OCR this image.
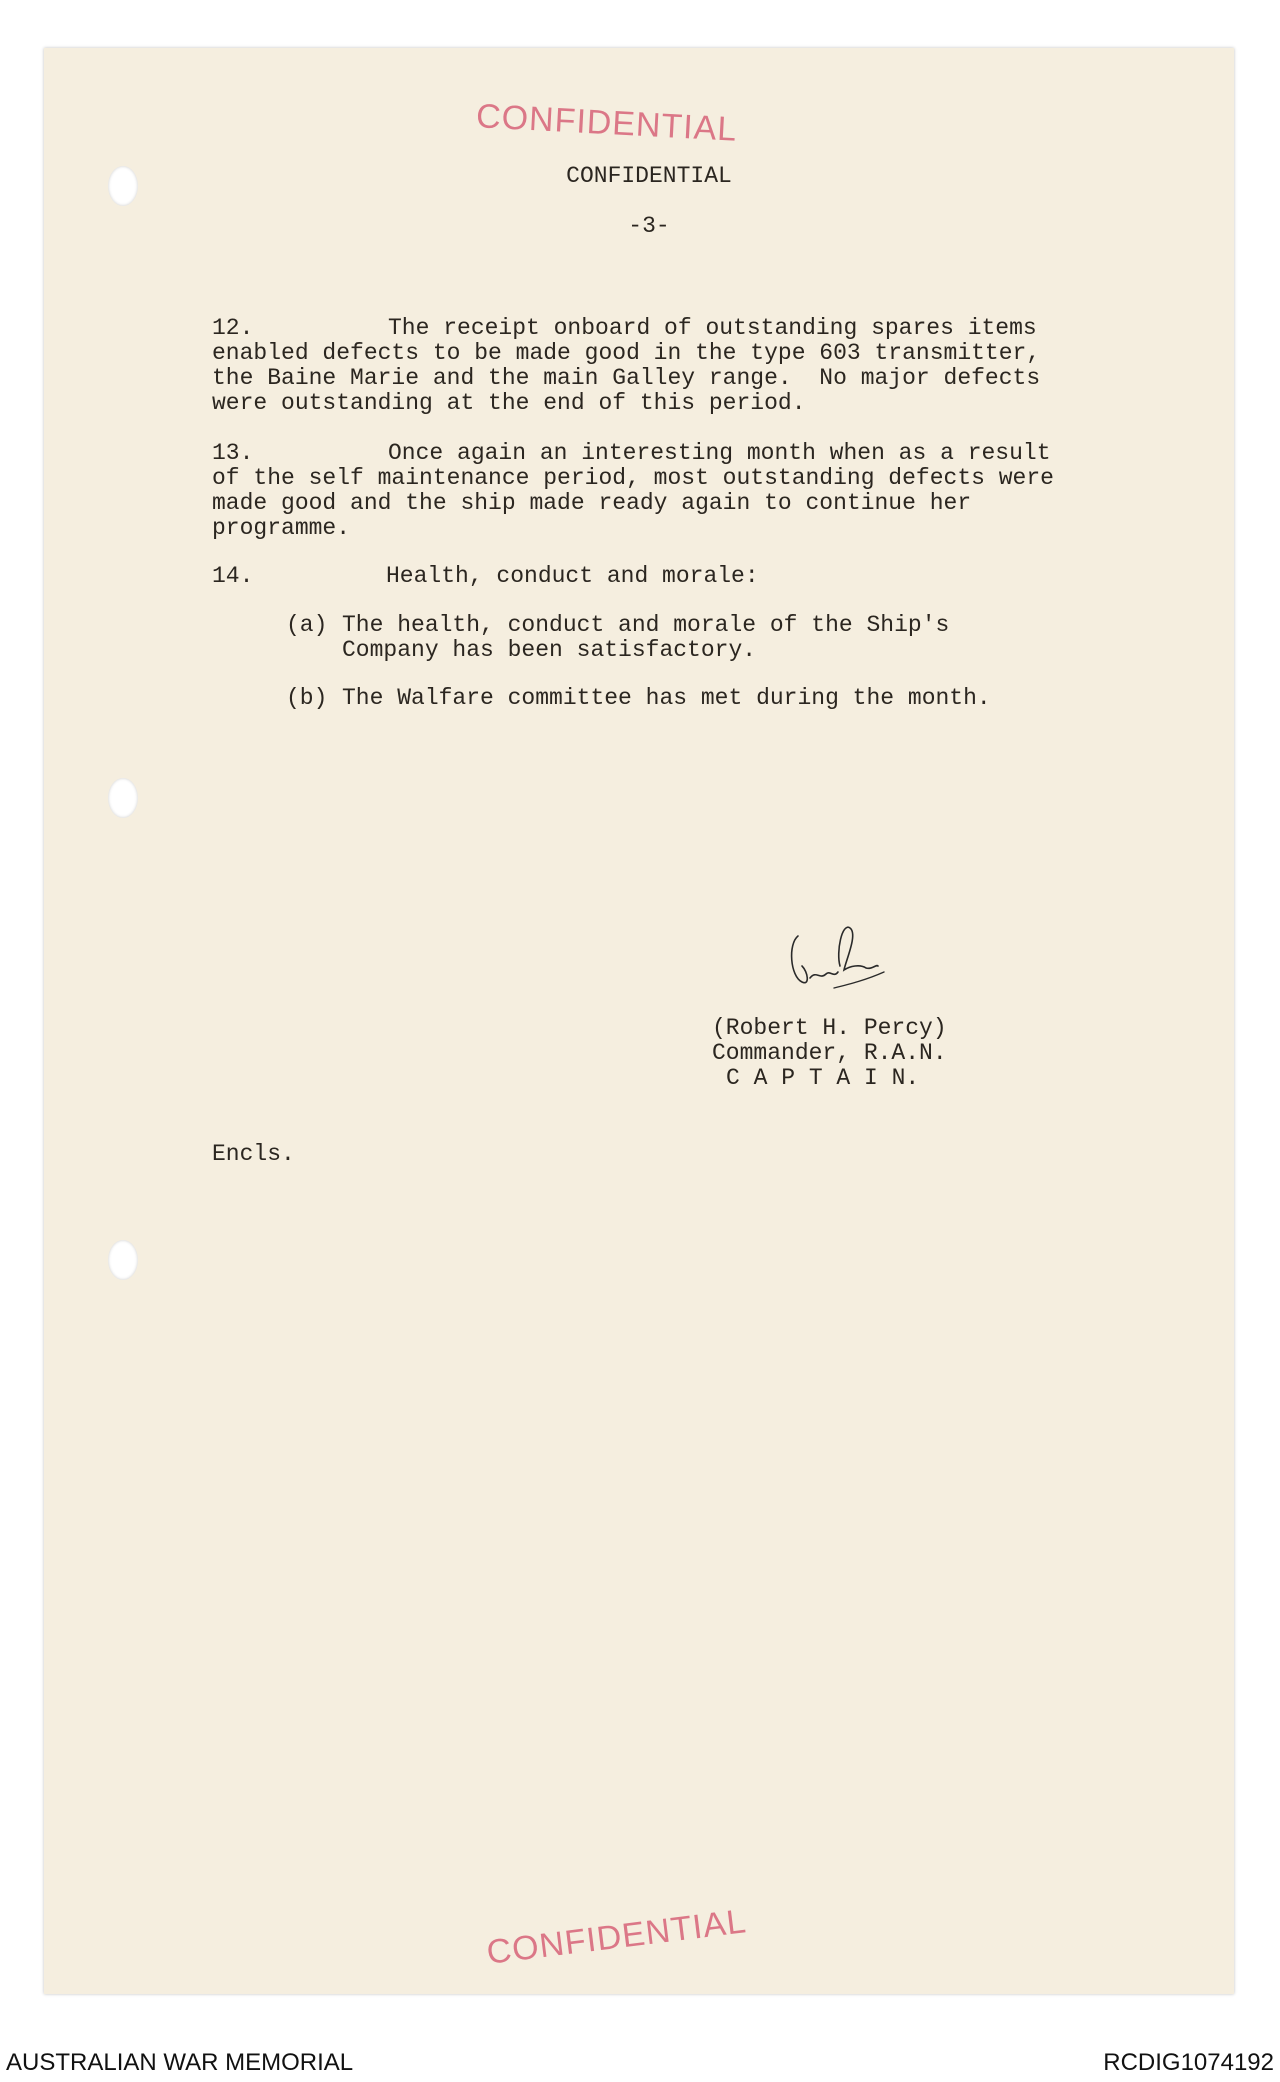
CONFIDENTIAL
CONFIDENTIAL
-3-
12.	The receipt onboard of outstanding spares items
enabled defects to be made good in the type 603 transmitter,
the Baine Marie and the main Galley range.  No major defects
were outstanding at the end of this period.
13.	Once again an interesting month when as a result
of the self maintenance period, most outstanding defects were
made good and the ship made ready again to continue her
programme.
14.	Health, conduct and morale:
(a) The health, conduct and morale of the Ship's
Company has been satisfactory.
(b) The Walfare committee has met during the month.
(Robert H. Percy)
Commander, R.A.N.
C A P T A I N.
Encls.
CONFIDENTIAL
AUSTRALIAN WAR MEMORIAL	RCDIG1074192
